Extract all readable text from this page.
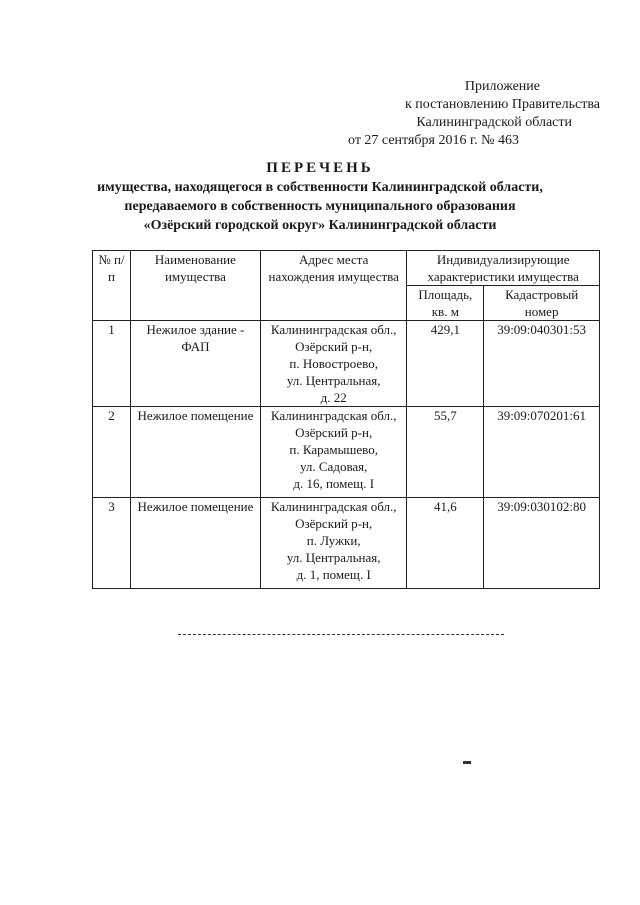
Приложение
к постановлению Правительства
Калининградской области
от 27 сентября 2016 г. № 463
ПЕРЕЧЕНЬ
имущества, находящегося в собственности Калининградской области,
передаваемого в собственность муниципального образования
«Озёрский городской округ» Калининградской области
№ п/п	Наименование имущества	Адрес места нахождения имущества	Индивидуализирующие характеристики имущества	
			Площадь, кв. м	Кадастровый номер
1	Нежилое здание - ФАП	Калининградская обл.,
Озёрский р-н,
п. Новостроево,
ул. Центральная,
д. 22	429,1	39:09:040301:53
2	Нежилое помещение	Калининградская обл.,
Озёрский р-н,
п. Карамышево,
ул. Садовая,
д. 16, помещ. I	55,7	39:09:070201:61
3	Нежилое помещение	Калининградская обл.,
Озёрский р-н,
п. Лужки,
ул. Центральная,
д. 1, помещ. I	41,6	39:09:030102:80
